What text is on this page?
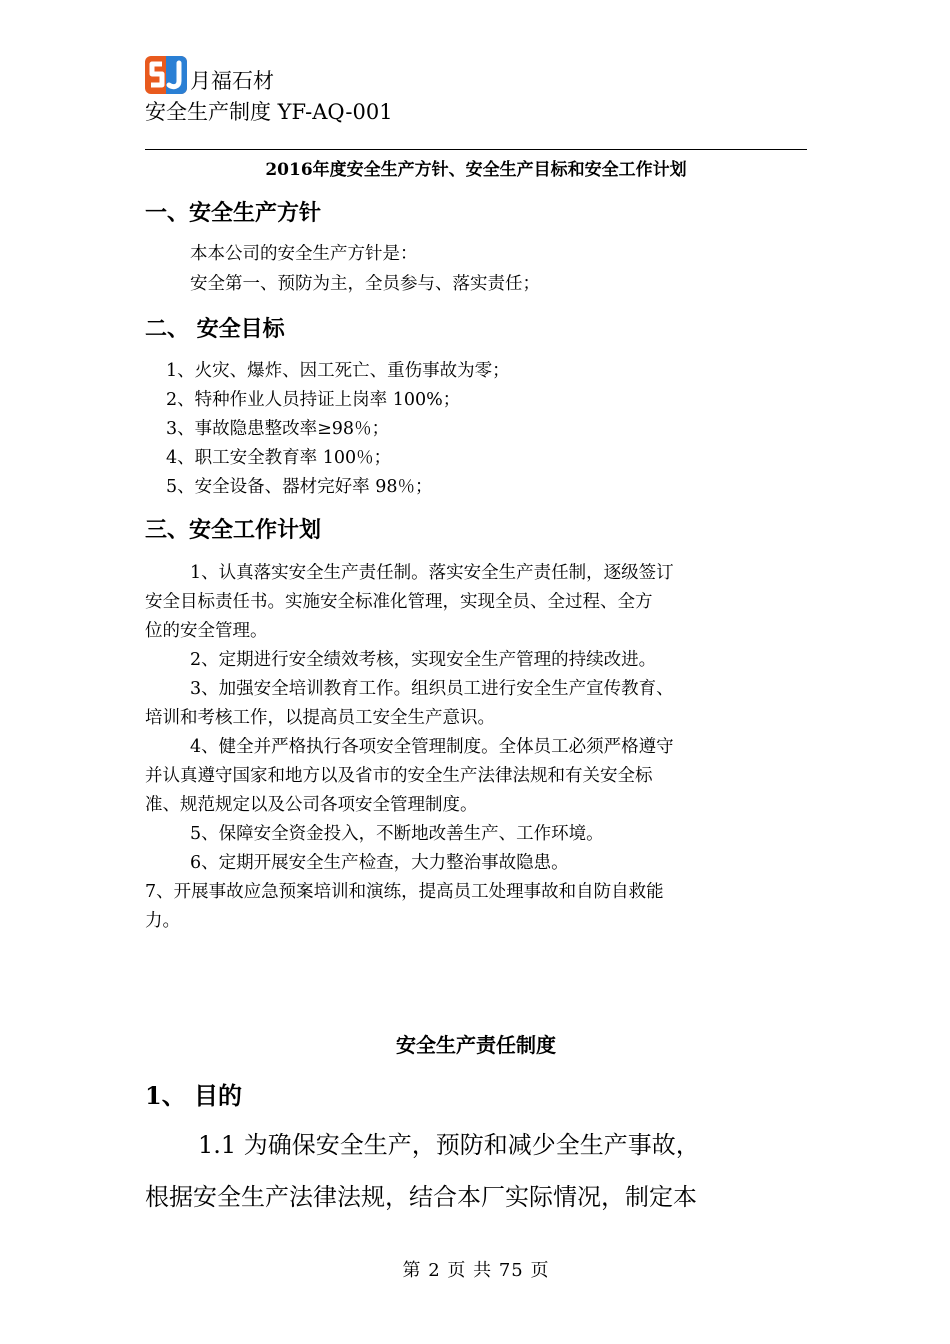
月福石材
安全生产制度 YF-AQ-001
2016年度安全生产方针、安全生产目标和安全工作计划
一、安全生产方针
本本公司的安全生产方针是：
安全第一、预防为主，全员参与、落实责任；
二、 安全目标
1、火灾、爆炸、因工死亡、重伤事故为零；
2、特种作业人员持证上岗率 100%；
3、事故隐患整改率≥98％；
4、职工安全教育率 100％；
5、安全设备、器材完好率 98％；
三、安全工作计划
1、认真落实安全生产责任制。落实安全生产责任制，逐级签订
安全目标责任书。实施安全标准化管理，实现全员、全过程、全方
位的安全管理。
2、定期进行安全绩效考核，实现安全生产管理的持续改进。
3、加强安全培训教育工作。组织员工进行安全生产宣传教育、
培训和考核工作，以提高员工安全生产意识。
4、健全并严格执行各项安全管理制度。全体员工必须严格遵守
并认真遵守国家和地方以及省市的安全生产法律法规和有关安全标
准、规范规定以及公司各项安全管理制度。
5、保障安全资金投入，不断地改善生产、工作环境。
6、定期开展安全生产检查，大力整治事故隐患。
7、开展事故应急预案培训和演练，提高员工处理事故和自防自救能
力。
安全生产责任制度
1、 目的
1.1 为确保安全生产，预防和减少全生产事故，
根据安全生产法律法规，结合本厂实际情况，制定本
第 2 页 共 75 页
